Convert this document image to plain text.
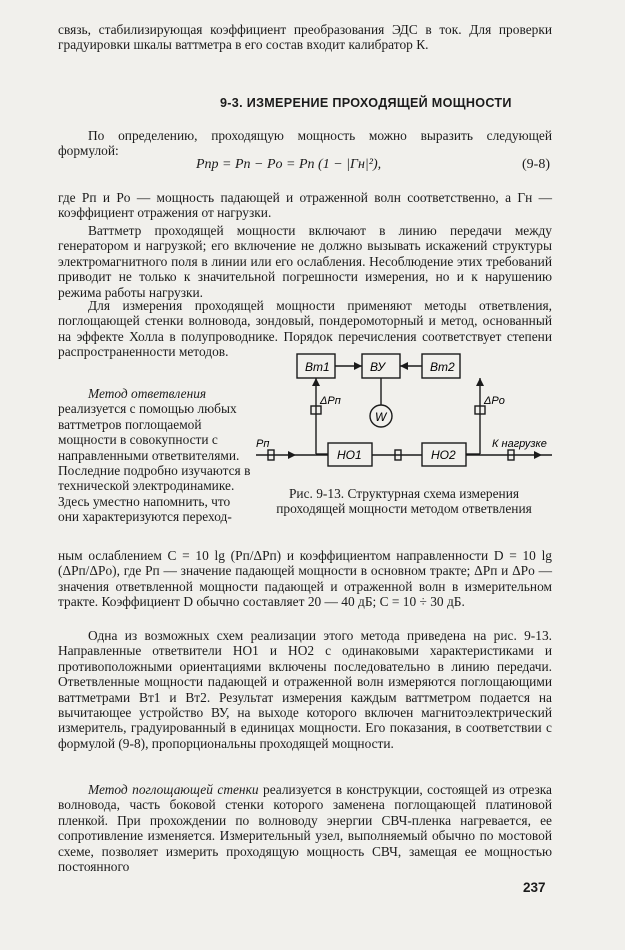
связь, стабилизирующая коэффициент преобразования ЭДС в ток. Для проверки градуировки шкалы ваттметра в его состав входит калибратор К.
9-3. ИЗМЕРЕНИЕ ПРОХОДЯЩЕЙ МОЩНОСТИ
По определению, проходящую мощность можно выразить следующей формулой:
Pпр = Pп − Pо = Pп (1 − |Γн|²),	(9-8)
где Pп и Pо — мощность падающей и отраженной волн соответственно, а Γн — коэффициент отражения от нагрузки.
Ваттметр проходящей мощности включают в линию передачи между генератором и нагрузкой; его включение не должно вызывать искажений структуры электромагнитного поля в линии или его ослабления. Несоблюдение этих требований приводит не только к значительной погрешности измерения, но и к нарушению режима работы нагрузки.
Для измерения проходящей мощности применяют методы ответвления, поглощающей стенки волновода, зондовый, пондеромоторный и метод, основанный на эффекте Холла в полупроводнике. Порядок перечисления соответствует степени распространенности методов.
Метод ответвления реализуется с помощью любых ваттметров поглощаемой мощности в совокупности с направленными ответвителями. Последние подробно изучаются в технической электродинамике. Здесь уместно напомнить, что они характеризуются переход-
Вт1	ВУ	Вт2
НО1	НО2
W
ΔPп	ΔPо
Pп	К нагрузке
Рис. 9-13. Структурная схема измерения проходящей мощности методом ответвления
ным ослаблением C = 10 lg (Pп/ΔPп) и коэффициентом направленности D = 10 lg (ΔPп/ΔPо), где Pп — значение падающей мощности в основном тракте; ΔPп и ΔPо — значения ответвленной мощности падающей и отраженной волн в измерительном тракте. Коэффициент D обычно составляет 20 — 40 дБ; C = 10 ÷ 30 дБ.
Одна из возможных схем реализации этого метода приведена на рис. 9-13. Направленные ответвители НО1 и НО2 с одинаковыми характеристиками и противоположными ориентациями включены последовательно в линию передачи. Ответвленные мощности падающей и отраженной волн измеряются поглощающими ваттметрами Вт1 и Вт2. Результат измерения каждым ваттметром подается на вычитающее устройство ВУ, на выходе которого включен магнитоэлектрический измеритель, градуированный в единицах мощности. Его показания, в соответствии с формулой (9-8), пропорциональны проходящей мощности.
Метод поглощающей стенки реализуется в конструкции, состоящей из отрезка волновода, часть боковой стенки которого заменена поглощающей платиновой пленкой. При прохождении по волноводу энергии СВЧ-пленка нагревается, ее сопротивление изменяется. Измерительный узел, выполняемый обычно по мостовой схеме, позволяет измерить проходящую мощность СВЧ, замещая ее мощностью постоянного
237
